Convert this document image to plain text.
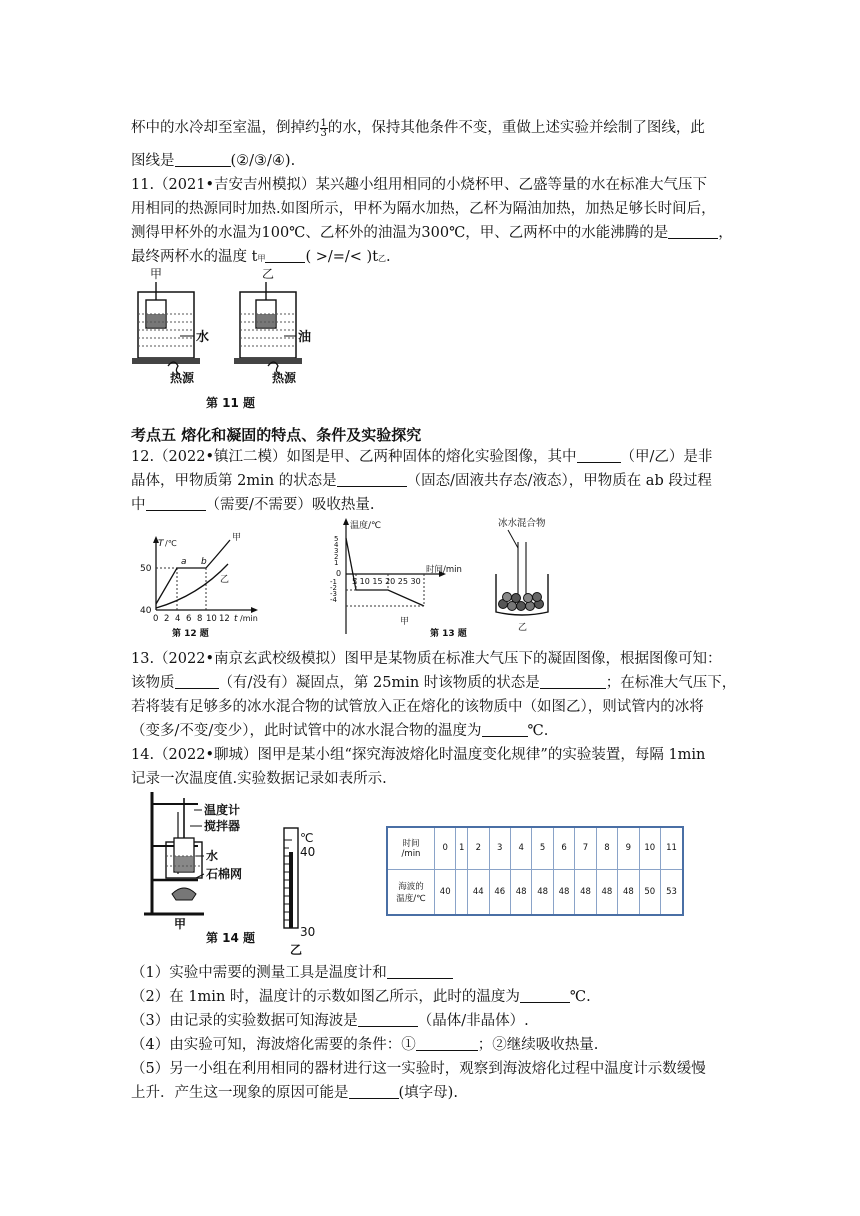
杯中的水冷却至室温，倒掉约 $\frac{1}{3}$ 的水，保持其他条件不变，重做上述实验并绘制了图线，此
图线是	(②/③/④).
11.（2021•吉安吉州模拟）某兴趣小组用相同的小烧杯甲、乙盛等量的水在标准大气压下
用相同的热源同时加热.如图所示，甲杯为隔水加热，乙杯为隔油加热，加热足够长时间后，
测得甲杯外的水温为100℃、乙杯外的油温为300℃，甲、乙两杯中的水能沸腾的是	，
最终两杯水的温度 t甲	( >/=/< )t乙.
甲
水
热源
乙
油
热源
第 11 题
考点五 熔化和凝固的特点、条件及实验探究
12.（2022•镇江二模）如图是甲、乙两种固体的熔化实验图像，其中	（甲/乙）是非
晶体，甲物质第 2min 的状态是	（固态/固液共存态/液态），甲物质在 ab 段过程
中	（需要/不需要）吸收热量.
T /℃
50
40
a b
甲
乙
0 2 4 6 8 10 12 t /min
第 12 题
温度/℃
5
4
3
2
1
0
-1
-2
-3
-4
5 10 15 20 25 30
时间/min
甲
第 13 题
冰水混合物
乙
13.（2022•南京玄武校级模拟）图甲是某物质在标准大气压下的凝固图像，根据图像可知：
该物质	（有/没有）凝固点，第 25min 时该物质的状态是	；在标准大气压下，
若将装有足够多的冰水混合物的试管放入正在熔化的该物质中（如图乙），则试管内的冰将
（变多/不变/变少），此时试管中的冰水混合物的温度为	℃.
14.（2022•聊城）图甲是某小组“探究海波熔化时温度变化规律”的实验装置，每隔 1min
记录一次温度值.实验数据记录如表所示.
温度计
搅拌器
水
石棉网
甲
第 14 题
℃
40
30
乙
时间
/min	0	1	2	3	4	5	6	7	8	9	10	11

海波的
温度/℃	40		44	46	48	48	48	48	48	48	50	53
（1）实验中需要的测量工具是温度计和
（2）在 1min 时，温度计的示数如图乙所示，此时的温度为	℃.
（3）由记录的实验数据可知海波是	（晶体/非晶体）.
（4）由实验可知，海波熔化需要的条件：①	；②继续吸收热量.
（5）另一小组在利用相同的器材进行这一实验时，观察到海波熔化过程中温度计示数缓慢
上升．产生这一现象的原因可能是	(填字母).
